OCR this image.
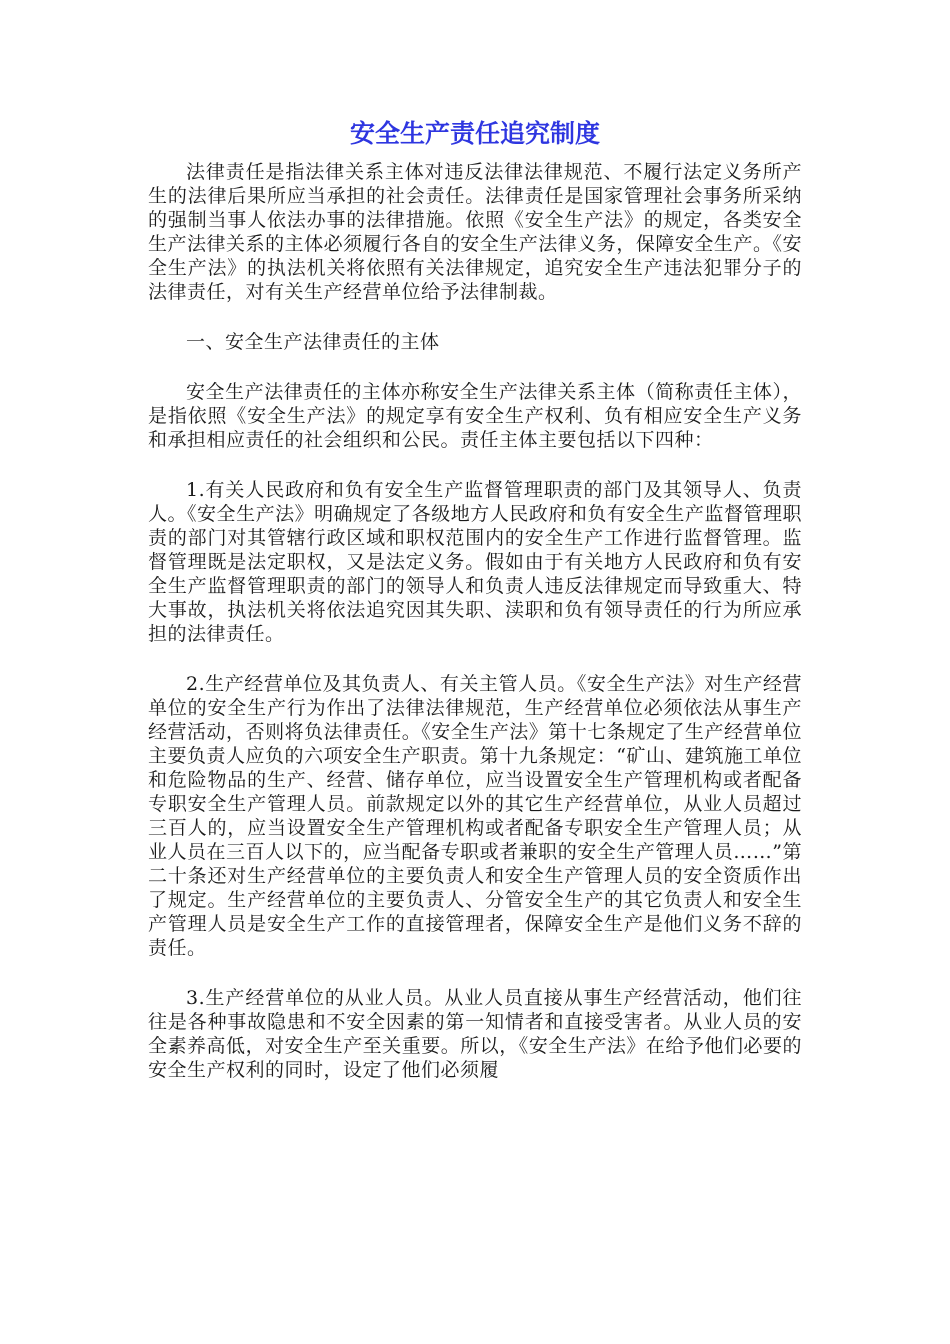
安全生产责任追究制度

法律责任是指法律关系主体对违反法律法律规范、不履行法定义务所产生的法律后果所应当承担的社会责任。法律责任是国家管理社会事务所采纳的强制当事人依法办事的法律措施。依照《安全生产法》的规定，各类安全生产法律关系的主体必须履行各自的安全生产法律义务，保障安全生产。《安全生产法》的执法机关将依照有关法律规定，追究安全生产违法犯罪分子的法律责任，对有关生产经营单位给予法律制裁。

一、安全生产法律责任的主体

安全生产法律责任的主体亦称安全生产法律关系主体（简称责任主体），是指依照《安全生产法》的规定享有安全生产权利、负有相应安全生产义务和承担相应责任的社会组织和公民。责任主体主要包括以下四种：

1.有关人民政府和负有安全生产监督管理职责的部门及其领导人、负责人。《安全生产法》明确规定了各级地方人民政府和负有安全生产监督管理职责的部门对其管辖行政区域和职权范围内的安全生产工作进行监督管理。监督管理既是法定职权，又是法定义务。假如由于有关地方人民政府和负有安全生产监督管理职责的部门的领导人和负责人违反法律规定而导致重大、特大事故，执法机关将依法追究因其失职、渎职和负有领导责任的行为所应承担的法律责任。

2.生产经营单位及其负责人、有关主管人员。《安全生产法》对生产经营单位的安全生产行为作出了法律法律规范，生产经营单位必须依法从事生产经营活动，否则将负法律责任。《安全生产法》第十七条规定了生产经营单位主要负责人应负的六项安全生产职责。第十九条规定：“矿山、建筑施工单位和危险物品的生产、经营、储存单位，应当设置安全生产管理机构或者配备专职安全生产管理人员。前款规定以外的其它生产经营单位，从业人员超过三百人的，应当设置安全生产管理机构或者配备专职安全生产管理人员；从业人员在三百人以下的，应当配备专职或者兼职的安全生产管理人员……”第二十条还对生产经营单位的主要负责人和安全生产管理人员的安全资质作出了规定。生产经营单位的主要负责人、分管安全生产的其它负责人和安全生产管理人员是安全生产工作的直接管理者，保障安全生产是他们义务不辞的责任。

3.生产经营单位的从业人员。从业人员直接从事生产经营活动，他们往往是各种事故隐患和不安全因素的第一知情者和直接受害者。从业人员的安全素养高低，对安全生产至关重要。所以，《安全生产法》在给予他们必要的安全生产权利的同时，设定了他们必须履
